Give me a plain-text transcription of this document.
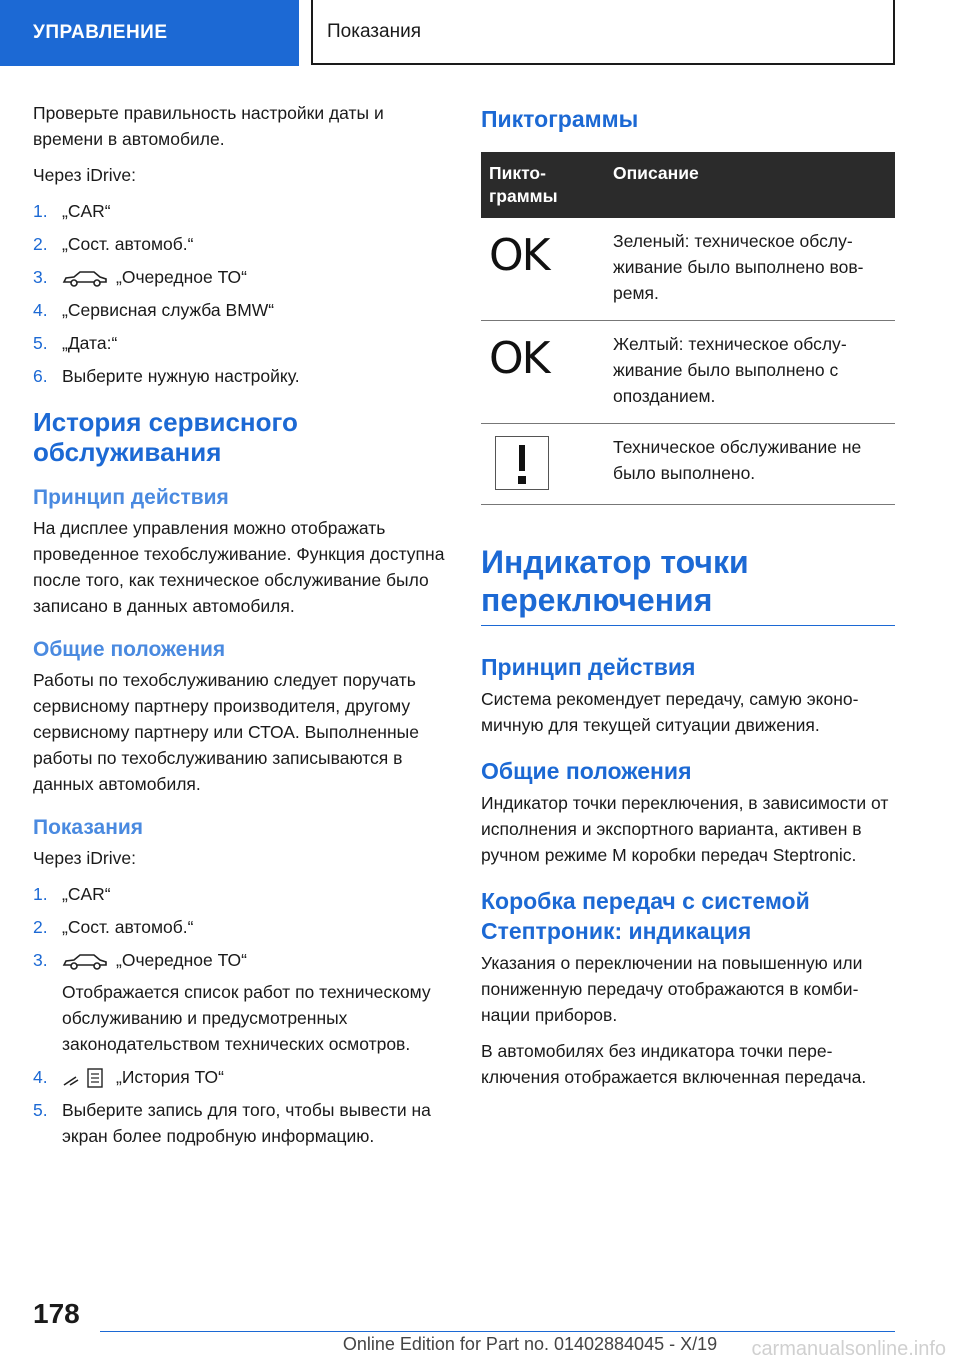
УПРАВЛЕНИЕ	Показания

Проверьте правильность настройки даты и времени в автомобиле.

Через iDrive:

1. „CAR“
2. „Сост. автомоб.“
3.	„Очередное ТО“
4. „Сервисная служба BMW“
5. „Дата:“
6. Выберите нужную настройку.
История сервисного обслуживания
Принцип действия

На дисплее управления можно отображать проведенное техобслуживание. Функция доступна после того, как техническое обслуживание было записано в данных автомобиля.

Общие положения

Работы по техобслуживанию следует поручать сервисному партнеру производителя, другому сервисному партнеру или СТОА. Выполненные работы по техобслуживанию записываются в данных автомобиля.

Показания

Через iDrive:

1. „CAR“
2. „Сост. автомоб.“
3.	„Очередное ТО“
Отображается список работ по техническому обслуживанию и предусмотренных законодательством технических осмотров.
4.	„История ТО“
5. Выберите запись для того, чтобы вывести на экран более подробную информацию.
Пиктограммы
Пиктограммы	Описание
OK	Зеленый: техническое обслуживание было выполнено вовремя.
OK	Желтый: техническое обслуживание было выполнено с опозданием.

	Техническое обслуживание не было выполнено.
Индикатор точки переключения
Принцип действия

Система рекомендует передачу, самую экономичную для текущей ситуации движения.

Общие положения

Индикатор точки переключения, в зависимости от исполнения и экспортного варианта, активен в ручном режиме M коробки передач Steptronic.

Коробка передач с системой Стептроник: индикация

Указания о переключении на повышенную или пониженную передачу отображаются в комбинации приборов.

В автомобилях без индикатора точки переключения отображается включенная передача.

178
Online Edition for Part no. 01402884045 - X/19	carmanualsonline.info
